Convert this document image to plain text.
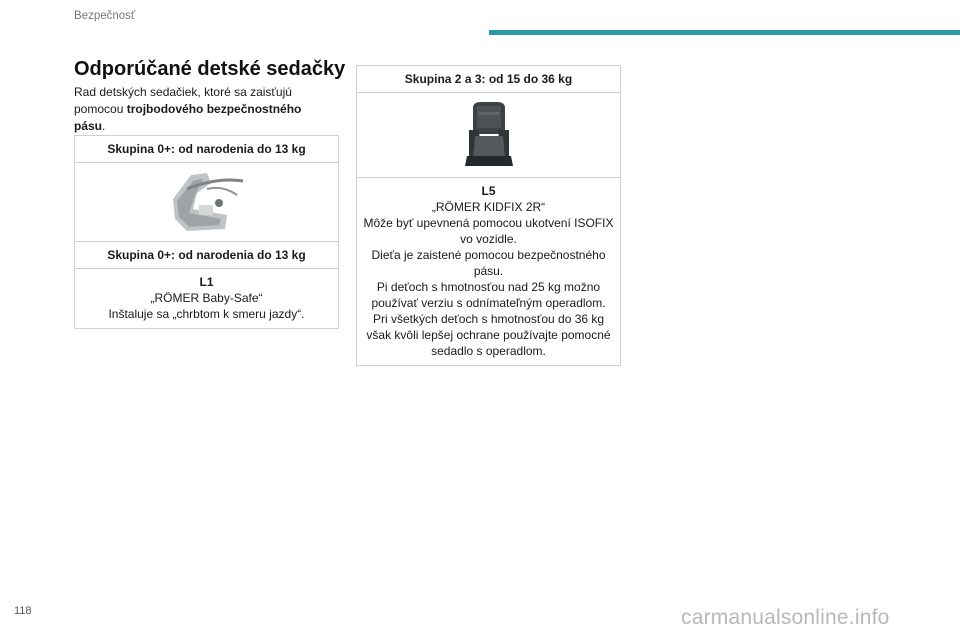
Bezpečnosť
Odporúčané detské sedačky

Rad detských sedačiek, ktoré sa zaisťujú pomocou trojbodového bezpečnostného pásu.

Skupina 0+: od narodenia do 13 kg
Skupina 0+: od narodenia do 13 kg
L1
„RÖMER Baby-Safe“
Inštaluje sa „chrbtom k smeru jazdy“.
Skupina 2 a 3: od 15 do 36 kg
L5
„RÖMER KIDFIX 2R“
Môže byť upevnená pomocou ukotvení ISOFIX vo vozidle.
Dieťa je zaistené pomocou bezpečnostného pásu.
Pi deťoch s hmotnosťou nad 25 kg možno používať verziu s odnímateľným operadlom.
Pri všetkých deťoch s hmotnosťou do 36 kg však kvôli lepšej ochrane používajte pomocné sedadlo s operadlom.
118	carmanualsonline.info
